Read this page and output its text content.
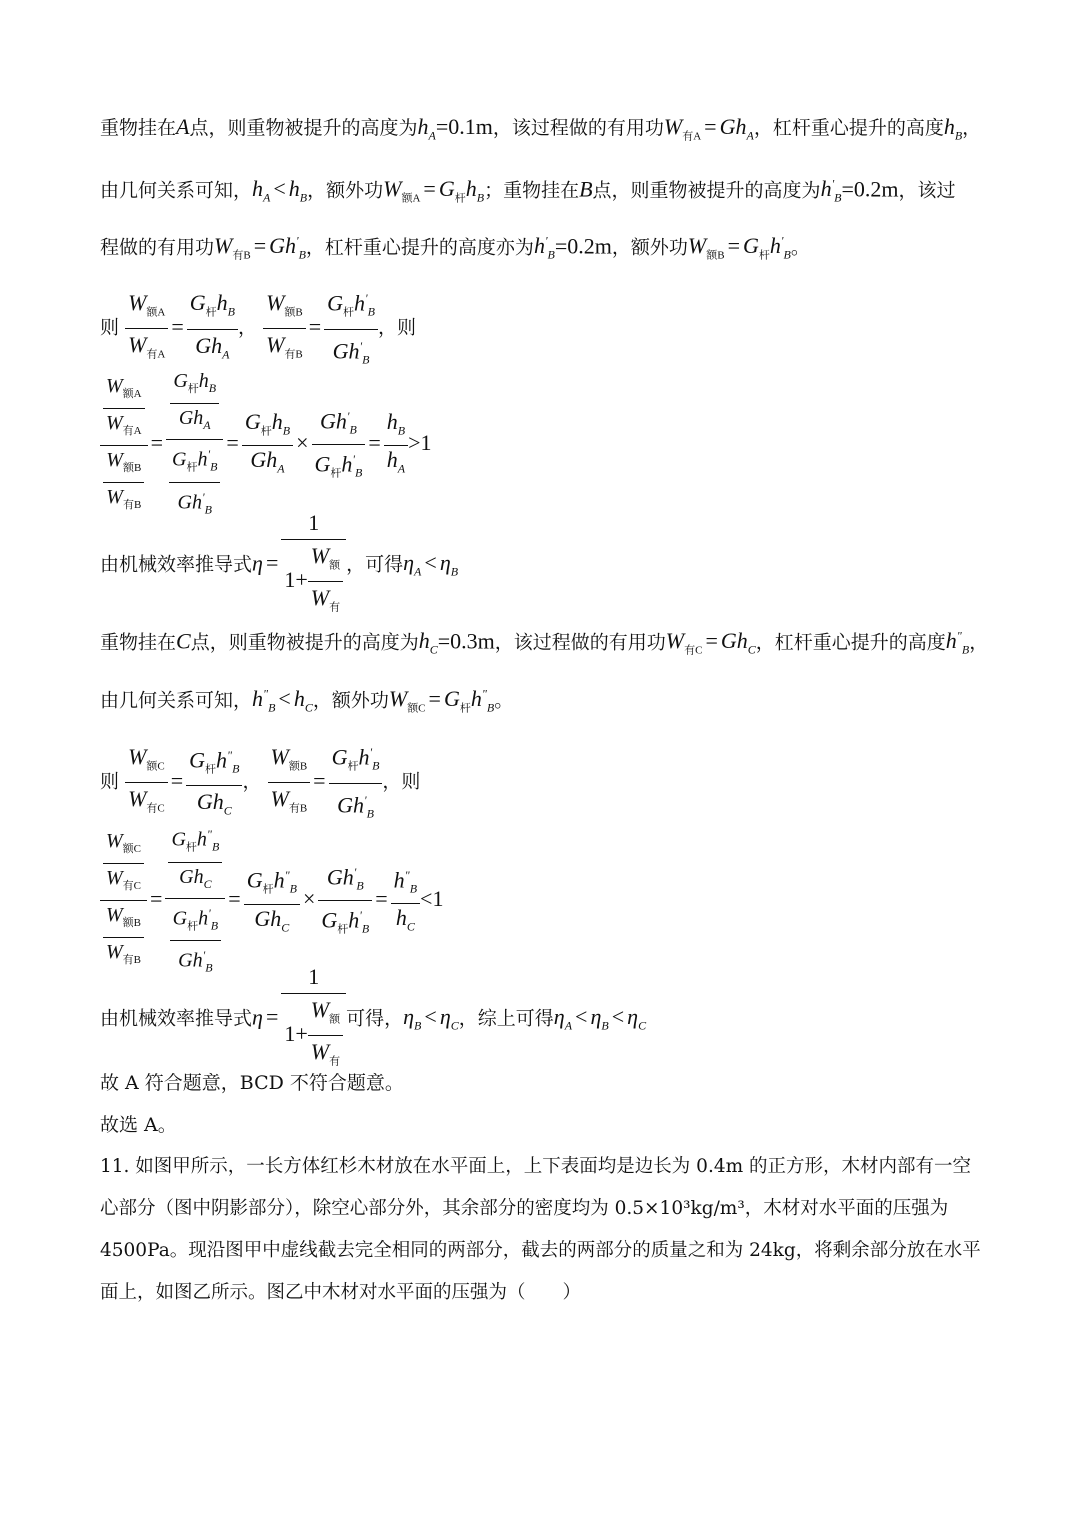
重物挂在A点，则重物被提升的高度为$h_A=0.1m$，该过程做的有用功$W_{有A} = Gh_A$，杠杆重心提升的高度$h_B$，
由几何关系可知，$h_A < h_B$，额外功$W_{额A} = G_杆h_B$；重物挂在B点，则重物被提升的高度为$h'_B=0.2m$，该过
程做的有用功$W_{有B} = Gh'_B$，杠杆重心提升的高度亦为$h'_B=0.2m$，额外功$W_{额B} = G_杆h'_B$。
则 $\frac{W_{额A}}{W_{有A}} = \frac{G_杆h_B}{Gh_A}$ ， $\frac{W_{额B}}{W_{有B}} = \frac{G_杆h'_B}{Gh'_B}$ ，则
$\frac{\frac{W_{额A}}{W_{有A}}}{\frac{W_{额B}}{W_{有B}}} = \frac{\frac{G_杆h_B}{Gh_A}}{\frac{G_杆h'_B}{Gh'_B}} = \frac{G_杆h_B}{Gh_A} \times \frac{Gh'_B}{G_杆h'_B} = \frac{h_B}{h_A} >1$
由机械效率推导式$\eta = \frac{1}{1+ \frac{W_额}{W_有}}$ ，可得$\eta_A < \eta_B$
重物挂在C点，则重物被提升的高度为$h_C=0.3m$，该过程做的有用功$W_{有C} = Gh_C$，杠杆重心提升的高度$h^"_B$，
由几何关系可知，$h^"_B < h_C$，额外功$W_{额C} = G_杆h^"_B$。
则 $\frac{W_{额C}}{W_{有C}} = \frac{G_杆h^"_B}{Gh_C}$ ， $\frac{W_{额B}}{W_{有B}} = \frac{G_杆h'_B}{Gh'_B}$ ，则
$\frac{\frac{W_{额C}}{W_{有C}}}{\frac{W_{额B}}{W_{有B}}} = \frac{\frac{G_杆h^"_B}{Gh_C}}{\frac{G_杆h'_B}{Gh'_B}} = \frac{G_杆h^"_B}{Gh_C} \times \frac{Gh'_B}{G_杆h'_B} = \frac{h^"_B}{h_C} <1$
由机械效率推导式$\eta = \frac{1}{1+ \frac{W_额}{W_有}}$ 可得，$\eta_B < \eta_C$，综上可得$\eta_A < \eta_B < \eta_C$
故 A 符合题意，BCD 不符合题意。
故选 A。
11. 如图甲所示，一长方体红杉木材放在水平面上，上下表面均是边长为 0.4m 的正方形，木材内部有一空心部分（图中阴影部分），除空心部分外，其余部分的密度均为 0.5×10³kg/m³，木材对水平面的压强为 4500Pa。现沿图甲中虚线截去完全相同的两部分，截去的两部分的质量之和为 24kg，将剩余部分放在水平面上，如图乙所示。图乙中木材对水平面的压强为（　　）
